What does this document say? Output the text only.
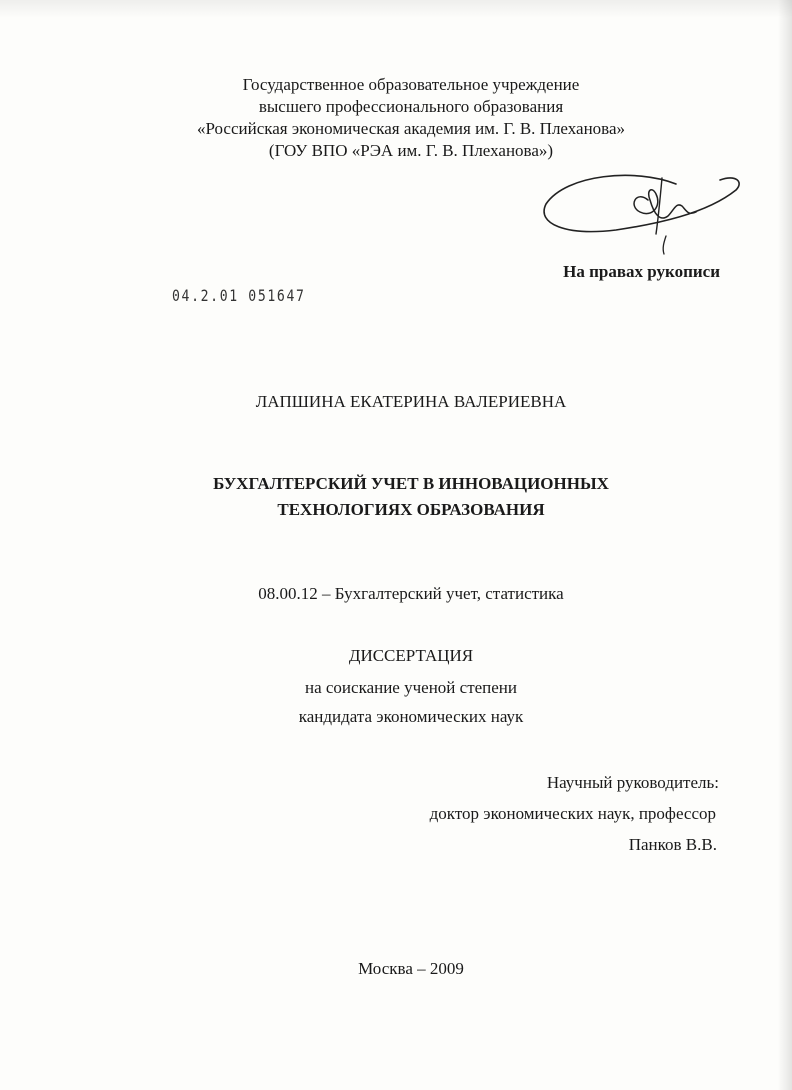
Государственное образовательное учреждение
высшего профессионального образования
«Российская экономическая академия им. Г. В. Плеханова»
(ГОУ ВПО «РЭА им. Г. В. Плеханова»)
На правах рукописи
04.2.01 051647
ЛАПШИНА ЕКАТЕРИНА ВАЛЕРИЕВНА
БУХГАЛТЕРСКИЙ УЧЕТ В ИННОВАЦИОННЫХ
ТЕХНОЛОГИЯХ ОБРАЗОВАНИЯ
08.00.12 – Бухгалтерский учет, статистика
ДИССЕРТАЦИЯ
на соискание ученой степени
кандидата экономических наук
Научный руководитель:
доктор экономических наук, профессор
Панков В.В.
Москва – 2009
